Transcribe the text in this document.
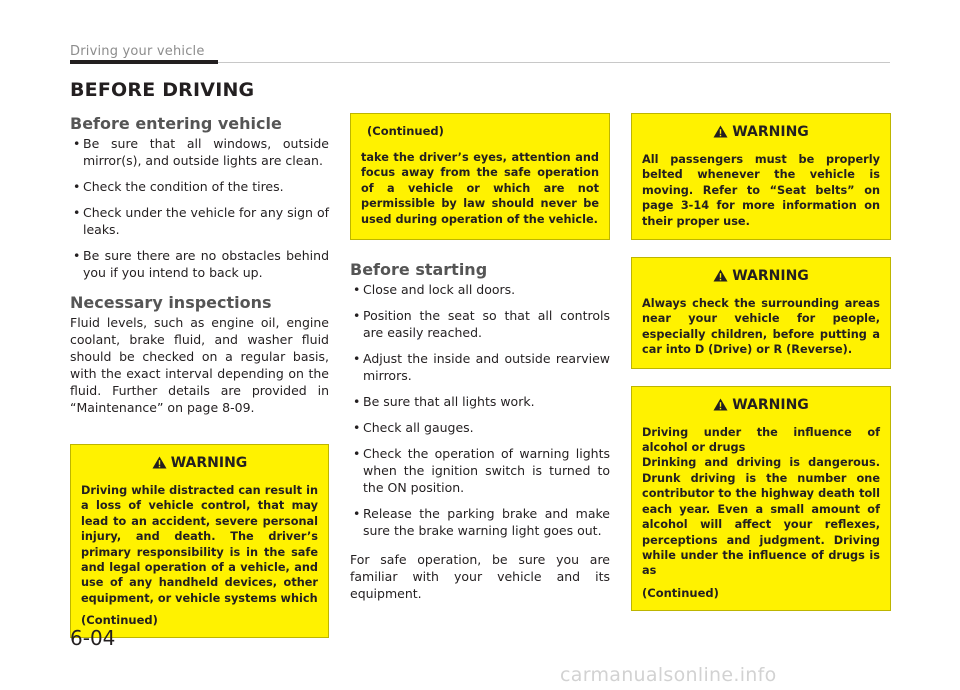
Driving your vehicle
BEFORE DRIVING
Before entering vehicle
• Be sure that all windows, outside mirror(s), and outside lights are clean.
• Check the condition of the tires.
• Check under the vehicle for any sign of leaks.
• Be sure there are no obstacles behind you if you intend to back up.
Necessary inspections

Fluid levels, such as engine oil, engine coolant, brake fluid, and washer fluid should be checked on a regular basis, with the exact interval depending on the fluid. Further details are provided in “Maintenance” on page 8-09.

WARNING
Driving while distracted can result in a loss of vehicle control, that may lead to an accident, severe personal injury, and death. The driver’s primary responsibility is in the safe and legal operation of a vehicle, and use of any handheld devices, other equipment, or vehicle systems which
(Continued)
(Continued)
take the driver’s eyes, attention and focus away from the safe operation of a vehicle or which are not permissible by law should never be used during operation of the vehicle.
Before starting
• Close and lock all doors.
• Position the seat so that all controls are easily reached.
• Adjust the inside and outside rearview mirrors.
• Be sure that all lights work.
• Check all gauges.
• Check the operation of warning lights when the ignition switch is turned to the ON position.
• Release the parking brake and make sure the brake warning light goes out.

For safe operation, be sure you are familiar with your vehicle and its equipment.

WARNING
All passengers must be properly belted whenever the vehicle is moving. Refer to “Seat belts” on page 3-14 for more information on their proper use.
WARNING
Always check the surrounding areas near your vehicle for people, especially children, before putting a car into D (Drive) or R (Reverse).
WARNING
Driving under the influence of alcohol or drugs
Drinking and driving is dangerous. Drunk driving is the number one contributor to the highway death toll each year. Even a small amount of alcohol will affect your reflexes, perceptions and judgment. Driving while under the influence of drugs is as
(Continued)
6-04
carmanualsonline.info
